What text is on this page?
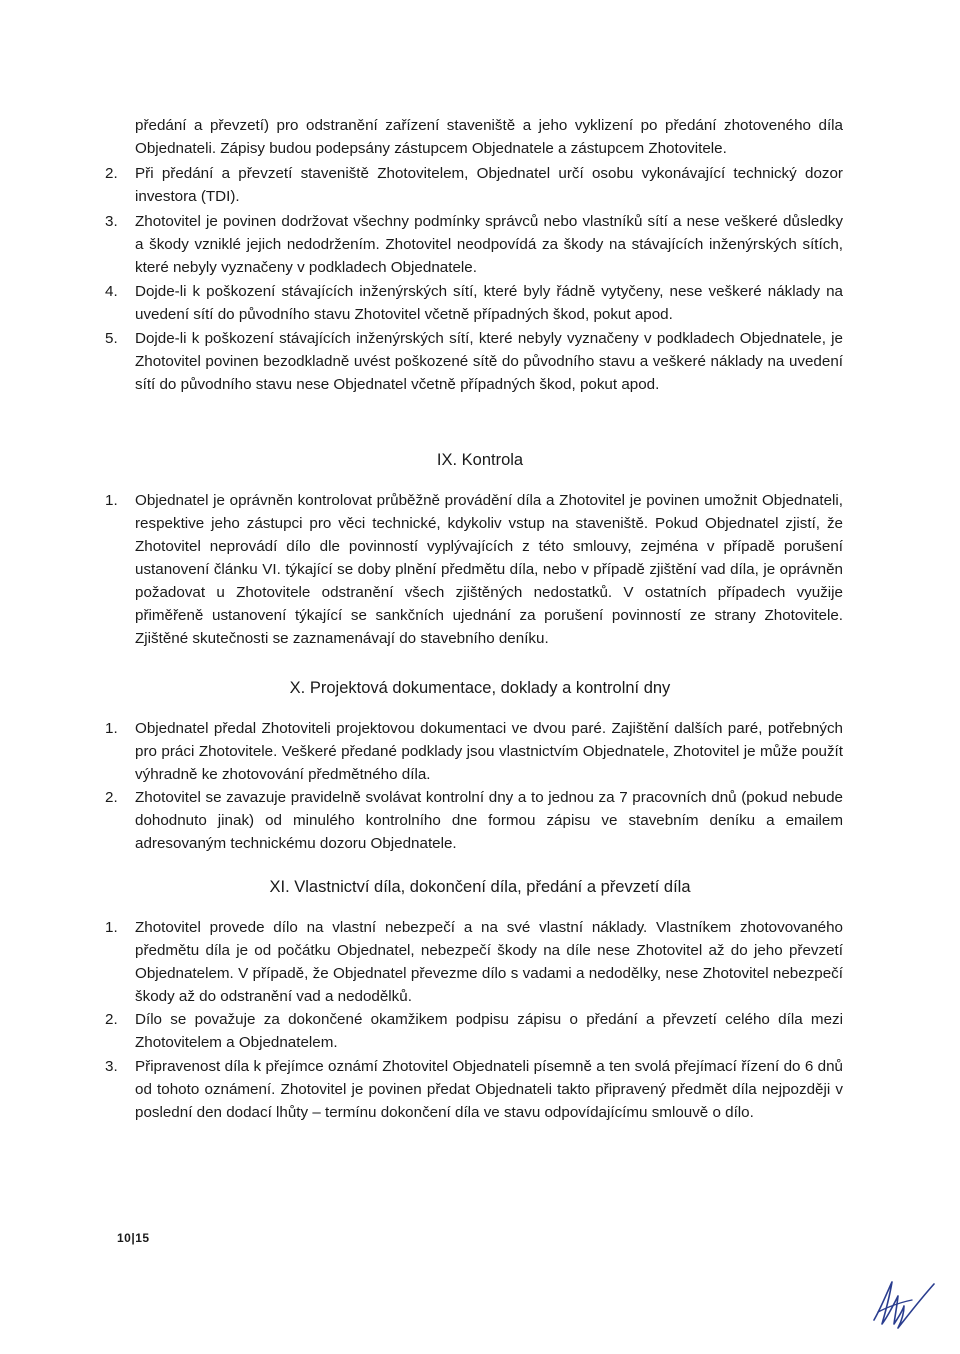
předání a převzetí) pro odstranění zařízení staveniště a jeho vyklizení po předání zhotoveného díla Objednateli. Zápisy budou podepsány zástupcem Objednatele a zástupcem Zhotovitele.

2.	Při předání a převzetí staveniště Zhotovitelem, Objednatel určí osobu vykonávající technický dozor investora (TDI).
3.	Zhotovitel je povinen dodržovat všechny podmínky správců nebo vlastníků sítí a nese veškeré důsledky a škody vzniklé jejich nedodržením. Zhotovitel neodpovídá za škody na stávajících inženýrských sítích, které nebyly vyznačeny v podkladech Objednatele.
4.	Dojde-li k poškození stávajících inženýrských sítí, které byly řádně vytyčeny, nese veškeré náklady na uvedení sítí do původního stavu Zhotovitel včetně případných škod, pokut apod.
5.	Dojde-li k poškození stávajících inženýrských sítí, které nebyly vyznačeny v podkladech Objednatele, je Zhotovitel povinen bezodkladně uvést poškozené sítě do původního stavu a veškeré náklady na uvedení sítí do původního stavu nese Objednatel včetně případných škod, pokut apod.
IX. Kontrola
1.	Objednatel je oprávněn kontrolovat průběžně provádění díla a Zhotovitel je povinen umožnit Objednateli, respektive jeho zástupci pro věci technické, kdykoliv vstup na staveniště. Pokud Objednatel zjistí, že Zhotovitel neprovádí dílo dle povinností vyplývajících z této smlouvy, zejména v případě porušení ustanovení článku VI. týkající se doby plnění předmětu díla, nebo v případě zjištění vad díla, je oprávněn požadovat u Zhotovitele odstranění všech zjištěných nedostatků. V ostatních případech využije přiměřeně ustanovení týkající se sankčních ujednání za porušení povinností ze strany Zhotovitele. Zjištěné skutečnosti se zaznamenávají do stavebního deníku.
X. Projektová dokumentace, doklady a kontrolní dny
1.	Objednatel předal Zhotoviteli projektovou dokumentaci ve dvou paré. Zajištění dalších paré, potřebných pro práci Zhotovitele. Veškeré předané podklady jsou vlastnictvím Objednatele, Zhotovitel je může použít výhradně ke zhotovování předmětného díla.
2.	Zhotovitel se zavazuje pravidelně svolávat kontrolní dny a to jednou za 7 pracovních dnů (pokud nebude dohodnuto jinak) od minulého kontrolního dne formou zápisu ve stavebním deníku a emailem adresovaným technickému dozoru Objednatele.
XI. Vlastnictví díla, dokončení díla, předání a převzetí díla
1.	Zhotovitel provede dílo na vlastní nebezpečí a na své vlastní náklady. Vlastníkem zhotovovaného předmětu díla je od počátku Objednatel, nebezpečí škody na díle nese Zhotovitel až do jeho převzetí Objednatelem. V případě, že Objednatel převezme dílo s vadami a nedodělky, nese Zhotovitel nebezpečí škody až do odstranění vad a nedodělků.
2.	Dílo se považuje za dokončené okamžikem podpisu zápisu o předání a převzetí celého díla mezi Zhotovitelem a Objednatelem.
3.	Připravenost díla k přejímce oznámí Zhotovitel Objednateli písemně a ten svolá přejímací řízení do 6 dnů od tohoto oznámení. Zhotovitel je povinen předat Objednateli takto připravený předmět díla nejpozději v poslední den dodací lhůty – termínu dokončení díla ve stavu odpovídajícímu smlouvě o dílo.
10|15
